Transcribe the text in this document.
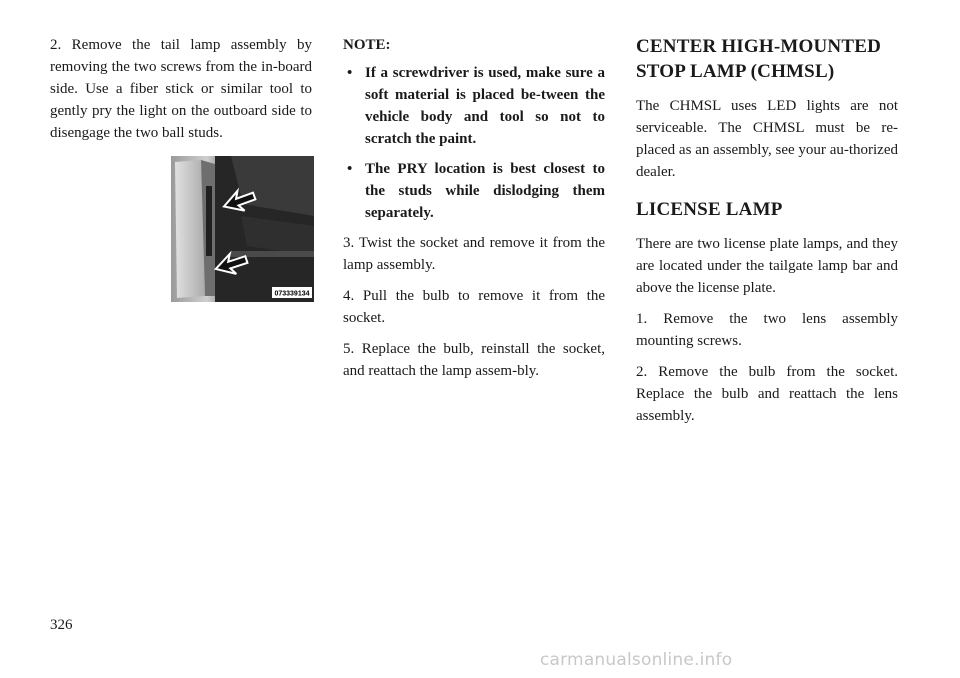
2. Remove the tail lamp assembly by removing the two screws from the in-board side. Use a fiber stick or similar tool to gently pry the light on the outboard side to disengage the two ball studs.

073339134

NOTE:

• If a screwdriver is used, make sure a soft material is placed be-tween the vehicle body and tool so not to scratch the paint.
• The PRY location is best closest to the studs while dislodging them separately.

3. Twist the socket and remove it from the lamp assembly.

4. Pull the bulb to remove it from the socket.

5. Replace the bulb, reinstall the socket, and reattach the lamp assem-bly.

CENTER HIGH-MOUNTED STOP LAMP (CHMSL)

The CHMSL uses LED lights are not serviceable. The CHMSL must be re-placed as an assembly, see your au-thorized dealer.

LICENSE LAMP

There are two license plate lamps, and they are located under the tailgate lamp bar and above the license plate.

1. Remove the two lens assembly mounting screws.

2. Remove the bulb from the socket. Replace the bulb and reattach the lens assembly.

326
carmanualsonline.info
